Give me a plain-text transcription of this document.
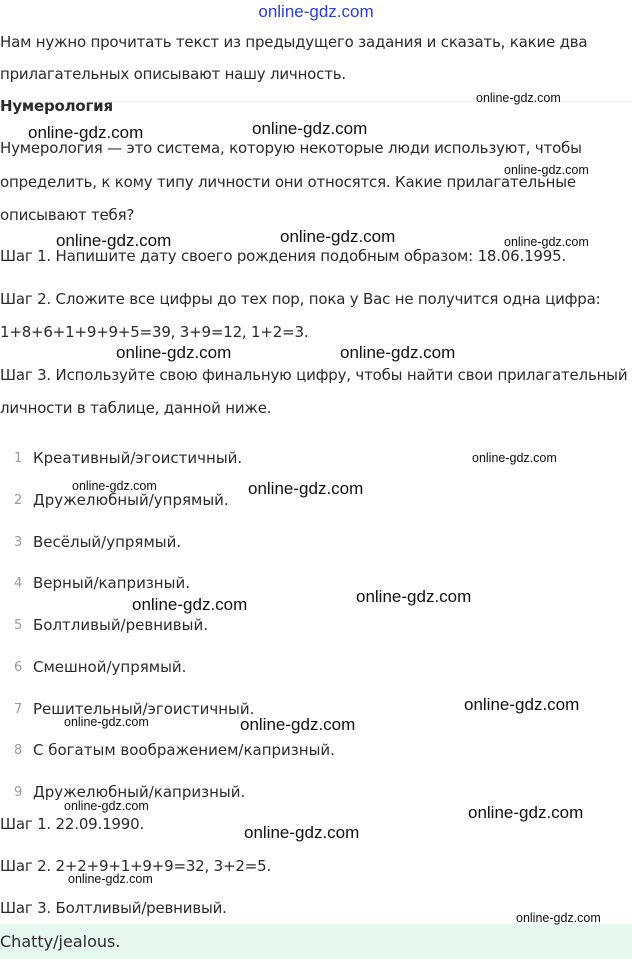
online-gdz.com
Нам нужно прочитать текст из предыдущего задания и сказать, какие два
прилагательных описывают нашу личность.
Нумерология
Нумерология — это система, которую некоторые люди используют, чтобы
определить, к кому типу личности они относятся. Какие прилагательные
описывают тебя?
Шаг 1. Напишите дату своего рождения подобным образом: 18.06.1995.
Шаг 2. Сложите все цифры до тех пор, пока у Вас не получится одна цифра:
1+8+6+1+9+9+5=39, 3+9=12, 1+2=3.
Шаг 3. Используйте свою финальную цифру, чтобы найти свои прилагательный
личности в таблице, данной ниже.
1 Креативный/эгоистичный.
2 Дружелюбный/упрямый.
3 Весёлый/упрямый.
4 Верный/капризный.
5 Болтливый/ревнивый.
6 Смешной/упрямый.
7 Решительный/эгоистичный.
8 С богатым воображением/капризный.
9 Дружелюбный/капризный.
Шаг 1. 22.09.1990.
Шаг 2. 2+2+9+1+9+9=32, 3+2=5.
Шаг 3. Болтливый/ревнивый.
Chatty/jealous.
online-gdz.com
online-gdz.com	online-gdz.com
online-gdz.com
online-gdz.com	online-gdz.com	online-gdz.com
online-gdz.com	online-gdz.com
online-gdz.com
online-gdz.com	online-gdz.com
online-gdz.com
online-gdz.com
online-gdz.com
online-gdz.com	online-gdz.com
online-gdz.com	online-gdz.com
online-gdz.com
online-gdz.com
online-gdz.com
